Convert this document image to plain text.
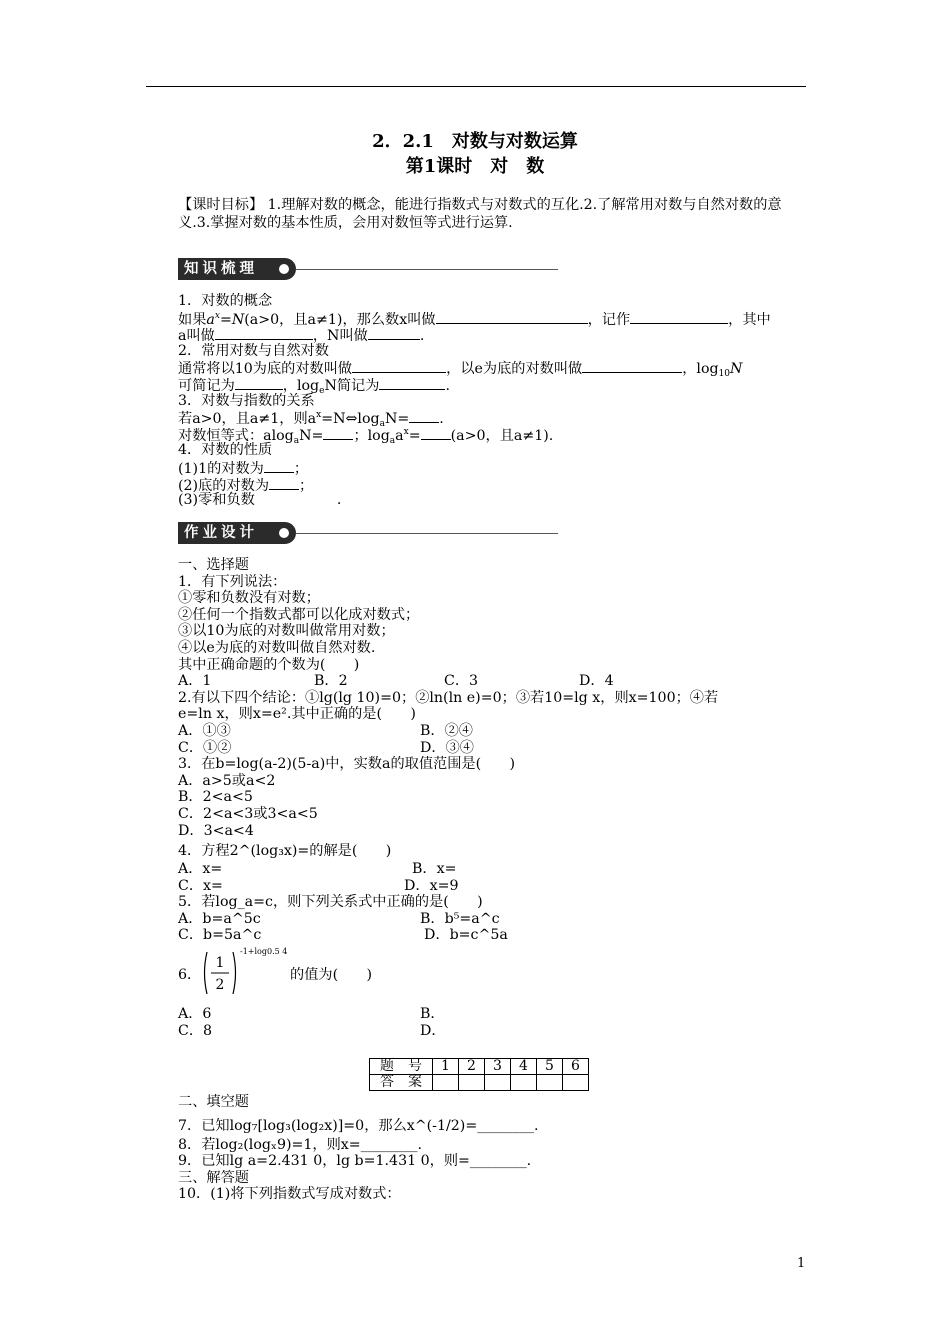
2．2.1　对数与对数运算
第1课时　对　数
【课时目标】 1.理解对数的概念，能进行指数式与对数式的互化.2.了解常用对数与自然对数的意义.3.掌握对数的基本性质，会用对数恒等式进行运算.
知识梳理
1．对数的概念
如果$a^x=N(a>0$，且a≠1)，那么数x叫做	，记作	，其中
a叫做	，N叫做	.
2．常用对数与自然对数
通常将以10为底的对数叫做	，以e为底的对数叫做	，$\log_{10}N$
可简记为	，$\log_eN$简记为	.
3．对数与指数的关系
若a>0，且a≠1，则$a^x=N\Leftrightarrow\log_aN=$ .
对数恒等式：alog$_a$N= ；$\log_aa^x= (a>0$，且a≠1).
4．对数的性质
(1)1的对数为 ；
(2)底的对数为 ；
(3)零和负数	.
作业设计
一、选择题
1．有下列说法：
①零和负数没有对数；
②任何一个指数式都可以化成对数式；
③以10为底的对数叫做常用对数；
④以e为底的对数叫做自然对数.
其中正确命题的个数为(　　)
A．1	B．2	C．3	D．4
2.有以下四个结论：①lg(lg 10)=0；②ln(ln e)=0；③若10=lg x，则x=100；④若
e=ln x，则x=e².其中正确的是(　　)
A．①③	B．②④
C．①②	D．③④
3．在b=log(a-2)(5-a)中，实数a的取值范围是(　　)
A．a>5或a<2
B．2<a<5
C．2<a<3或3<a<5
D．3<a<4
4．方程2^(log₃x)=的解是(　　)
A．x=	B．x=
C．x=	D．x=9
5．若log_a=c，则下列关系式中正确的是(　　)
A．b=a^5c	B．b⁵=a^c
C．b=5a^c	D．b=c^5a
6．
1
2
-1+log0.5 4
的值为(　　)
A．6	B．
C．8	D．
题　号	1	2	3	4	5	6
答　案						
二、填空题
7．已知log₇[log₃(log₂x)]=0，那么x^(-1/2)=________.
8．若log₂(logₓ9)=1，则x=________.
9．已知lg a=2.431 0，lg b=1.431 0，则=________.
三、解答题
10．(1)将下列指数式写成对数式：
1
